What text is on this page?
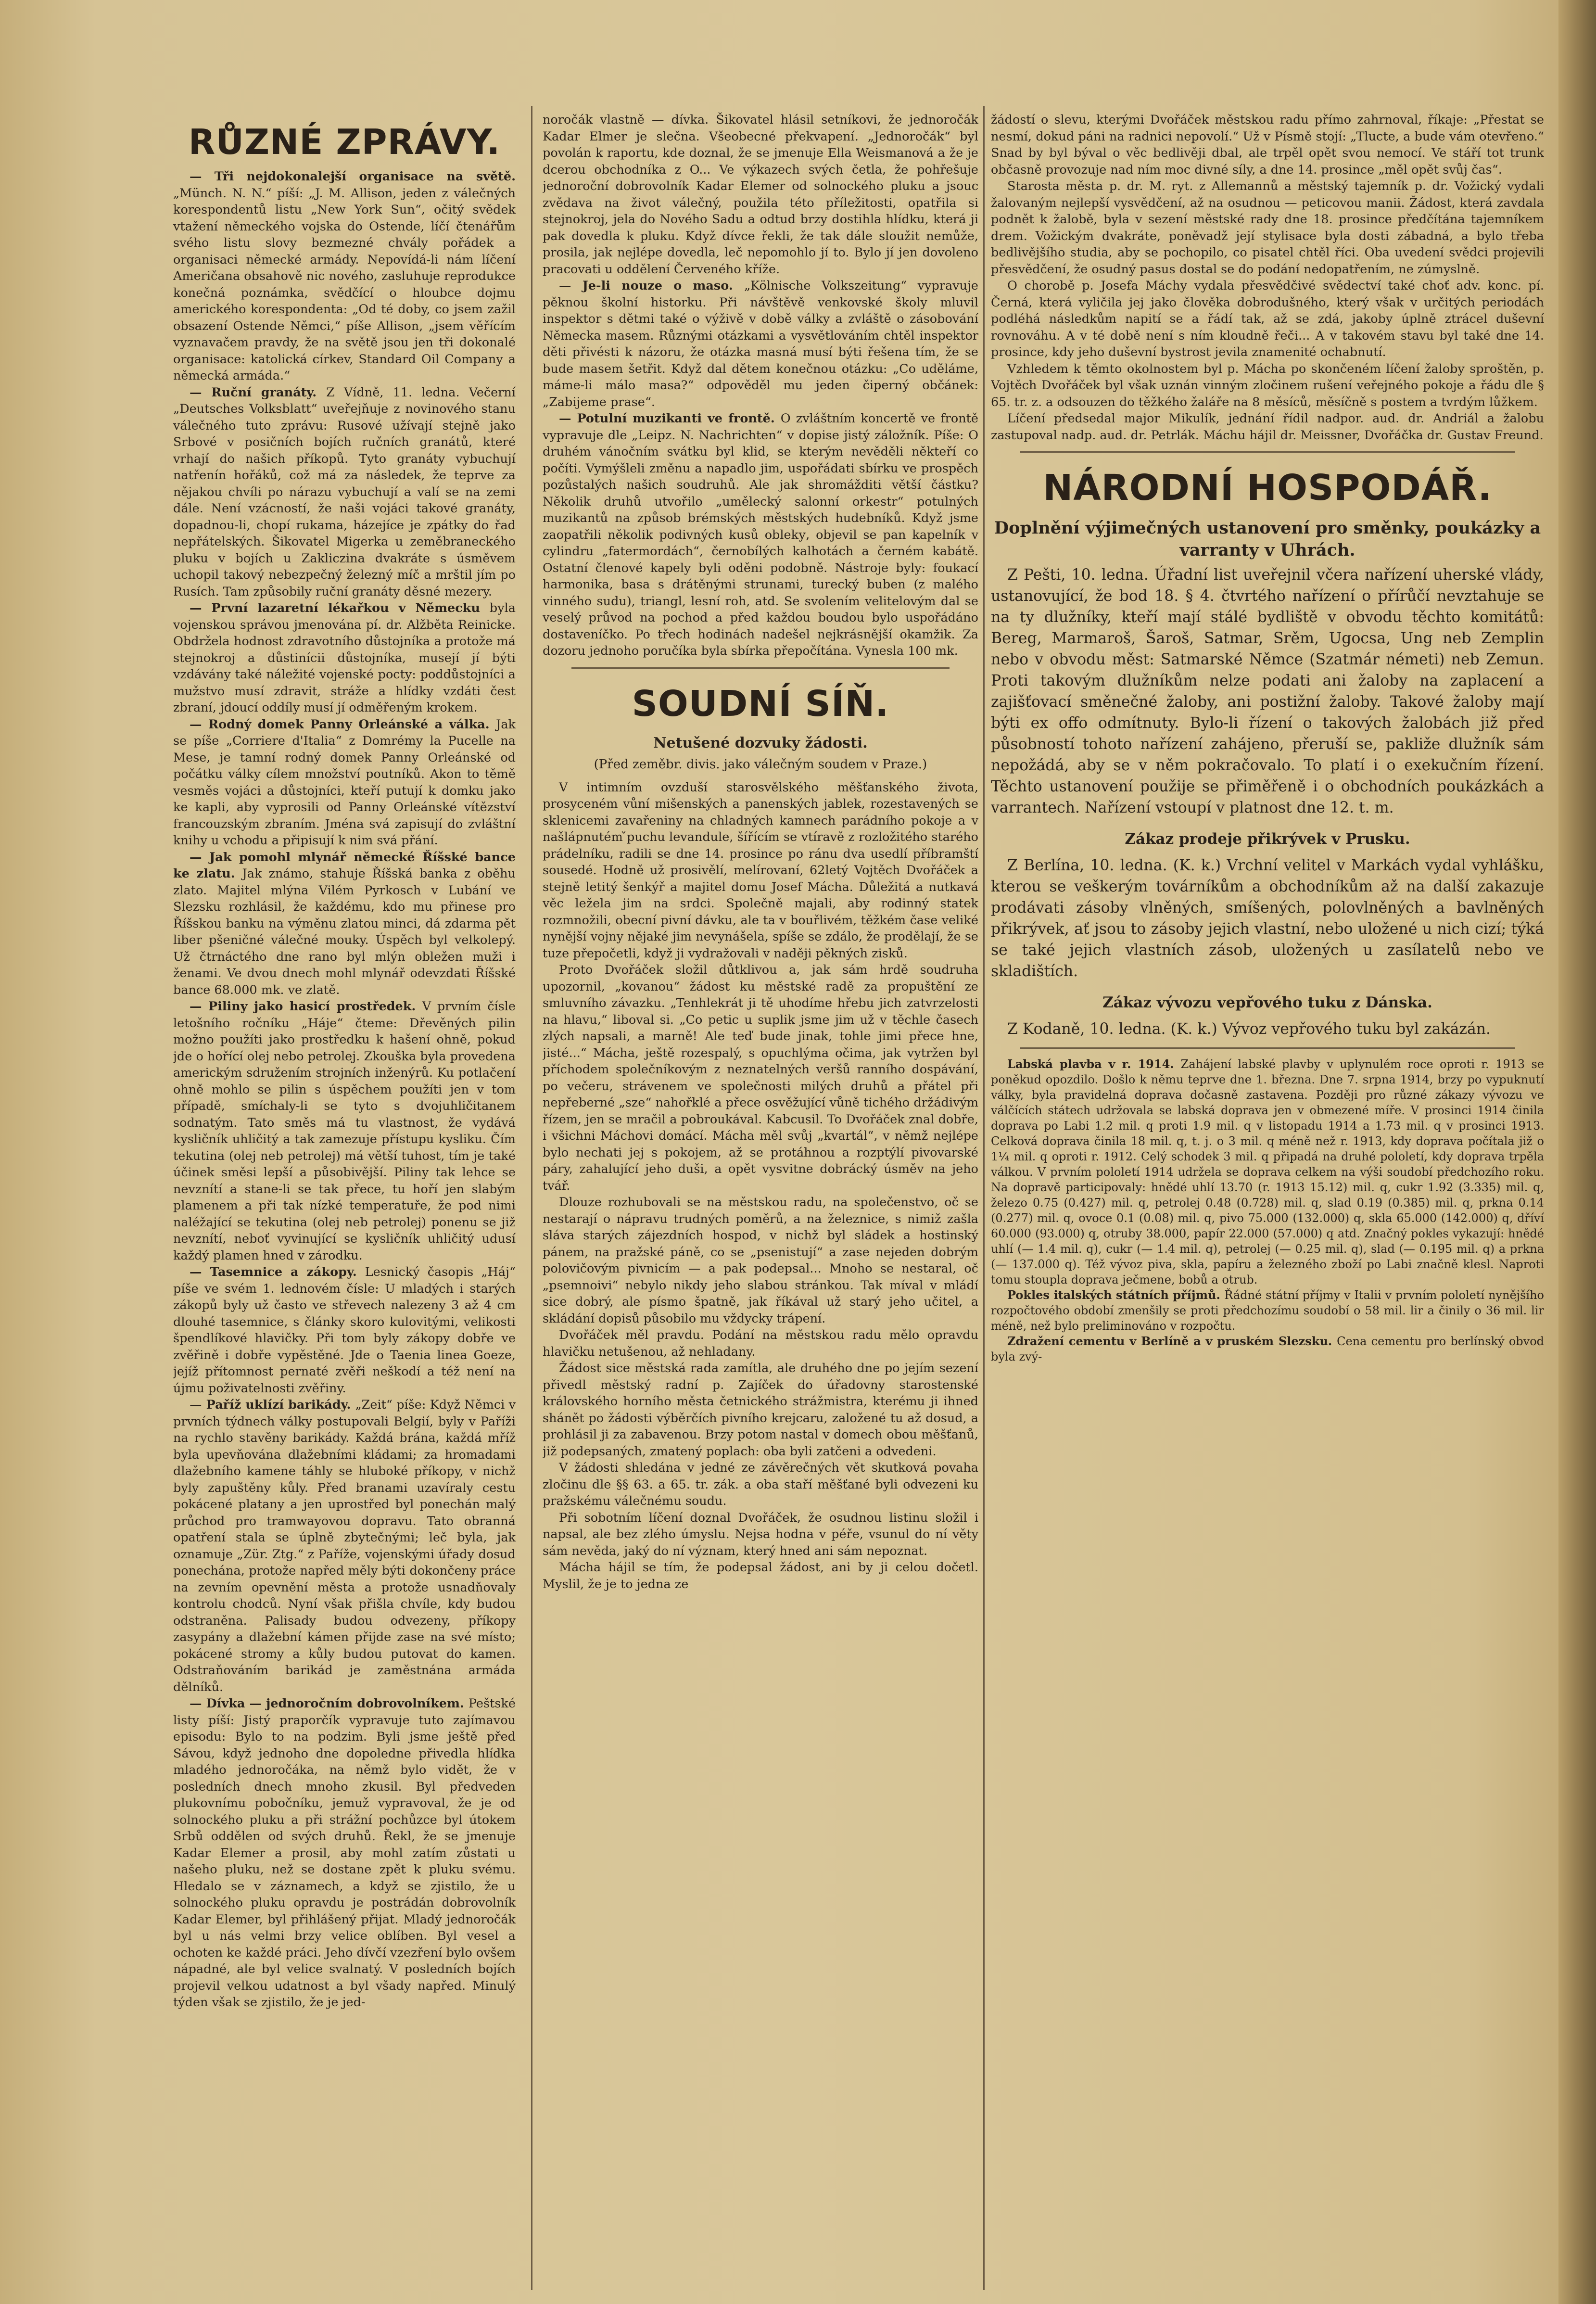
RŮZNÉ ZPRÁVY.

— Tři nejdokonalejší organisace na světě. „Münch. N. N.“ píší: „J. M. Allison, jeden z válečných korespondentů listu „New York Sun“, očitý svědek vtažení německého vojska do Ostende, líčí čtenářům svého listu slovy bezmezné chvály pořádek a organisaci německé armády. Nepovídá-li nám líčení Američana obsahově nic nového, zasluhuje reprodukce konečná poznámka, svědčící o hloubce dojmu amerického korespondenta: „Od té doby, co jsem zažil obsazení Ostende Němci,“ píše Allison, „jsem věřícím vyznavačem pravdy, že na světě jsou jen tři dokonalé organisace: katolická církev, Standard Oil Company a německá armáda.“

— Ruční granáty. Z Vídně, 11. ledna. Večerní „Deutsches Volksblatt“ uveřejňuje z novinového stanu válečného tuto zprávu: Rusové užívají stejně jako Srbové v posičních bojích ručních granátů, které vrhají do našich příkopů. Tyto granáty vybuchují natřenín hořáků, což má za následek, že teprve za nějakou chvíli po nárazu vybuchují a valí se na zemi dále. Není vzácností, že naši vojáci takové granáty, dopadnou-li, chopí rukama, házejíce je zpátky do řad nepřátelských. Šikovatel Migerka u zeměbraneckého pluku v bojích u Zakliczina dvakráte s úsměvem uchopil takový nebezpečný železný míč a mrštil jím po Rusích. Tam způsobily ruční granáty děsné mezery.

— První lazaretní lékařkou v Německu byla vojenskou správou jmenována pí. dr. Alžběta Reinicke. Obdržela hodnost zdravotního důstojníka a protože má stejnokroj a důstinícii důstojníka, musejí jí býti vzdávány také náležité vojenské pocty: poddůstojníci a mužstvo musí zdravit, stráže a hlídky vzdáti čest zbraní, jdoucí oddíly musí jí odměřeným krokem.

— Rodný domek Panny Orleánské a válka. Jak se píše „Corriere d'Italia“ z Domrémy la Pucelle na Mese, je tamní rodný domek Panny Orleánské od počátku války cílem množství poutníků. Akon to těmě vesměs vojáci a důstojníci, kteří putují k domku jako ke kapli, aby vyprosili od Panny Orleánské vítězství francouzským zbraním. Jména svá zapisují do zvláštní knihy u vchodu a připisují k nim svá přání.

— Jak pomohl mlynář německé Říšské bance ke zlatu. Jak známo, stahuje Říšská banka z oběhu zlato. Majitel mlýna Vilém Pyrkosch v Lubání ve Slezsku rozhlásil, že každému, kdo mu přinese pro Říšskou banku na výměnu zlatou minci, dá zdarma pět liber pšeničné válečné mouky. Úspěch byl velkolepý. Už čtrnáctého dne rano byl mlýn obležen muži i ženami. Ve dvou dnech mohl mlynář odevzdati Říšské bance 68.000 mk. ve zlatě.

— Piliny jako hasicí prostředek. V prvním čísle letošního ročníku „Háje“ čteme: Dřevěných pilin možno použíti jako prostředku k hašení ohně, pokud jde o hořící olej nebo petrolej. Zkouška byla provedena americkým sdružením strojních inženýrů. Ku potlačení ohně mohlo se pilin s úspěchem použíti jen v tom případě, smíchaly-li se tyto s dvojuhličitanem sodnatým. Tato směs má tu vlastnost, že vydává kysličník uhličitý a tak zamezuje přístupu kysliku. Čím tekutina (olej neb petrolej) má větší tuhost, tím je také účinek směsi lepší a působivější. Piliny tak lehce se nevznítí a stane-li se tak přece, tu hoří jen slabým plamenem a při tak nízké temperatuře, že pod nimi naléžající se tekutina (olej neb petrolej) ponenu se již nevznítí, neboť vyvinující se kysličník uhličitý udusí každý plamen hned v zárodku.

— Tasemnice a zákopy. Lesnický časopis „Háj“ píše ve svém 1. lednovém čísle: U mladých i starých zákopů byly už často ve střevech nalezeny 3 až 4 cm dlouhé tasemnice, s články skoro kulovitými, velikosti špendlíkové hlavičky. Při tom byly zákopy dobře ve zvěřině i dobře vypěstěné. Jde o Taenia linea Goeze, jejíž přítomnost pernaté zvěři neškodí a též není na újmu poživatelnosti zvěřiny.

— Paříž uklízí barikády. „Zeit“ píše: Když Němci v prvních týdnech války postupovali Belgií, byly v Paříži na rychlo stavěny barikády. Každá brána, každá mříž byla upevňována dlažebními kládami; za hromadami dlažebního kamene táhly se hluboké příkopy, v nichž byly zapuštěny kůly. Před branami uzavíraly cestu pokácené platany a jen uprostřed byl ponechán malý průchod pro tramwayovou dopravu. Tato obranná opatření stala se úplně zbytečnými; leč byla, jak oznamuje „Zür. Ztg.“ z Paříže, vojenskými úřady dosud ponechána, protože napřed měly býti dokončeny práce na zevním opevnění města a protože usnadňovaly kontrolu chodců. Nyní však přišla chvíle, kdy budou odstraněna. Palisady budou odvezeny, příkopy zasypány a dlažební kámen přijde zase na své místo; pokácené stromy a kůly budou putovat do kamen. Odstraňováním barikád je zaměstnána armáda dělníků.

— Dívka — jednoročním dobrovolníkem. Peštské listy píší: Jistý praporčík vypravuje tuto zajímavou episodu: Bylo to na podzim. Byli jsme ještě před Sávou, když jednoho dne dopoledne přivedla hlídka mladého jednoročáka, na němž bylo vidět, že v posledních dnech mnoho zkusil. Byl předveden plukovnímu pobočníku, jemuž vypravoval, že je od solnockého pluku a při strážní pochůzce byl útokem Srbů oddělen od svých druhů. Řekl, že se jmenuje Kadar Elemer a prosil, aby mohl zatím zůstati u našeho pluku, než se dostane zpět k pluku svému. Hledalo se v záznamech, a když se zjistilo, že u solnockého pluku opravdu je postrádán dobrovolník Kadar Elemer, byl přihlášený přijat. Mladý jednoročák byl u nás velmi brzy velice oblíben. Byl vesel a ochoten ke každé práci. Jeho dívčí vzezření bylo ovšem nápadné, ale byl velice svalnatý. V posledních bojích projevil velkou udatnost a byl všady napřed. Minulý týden však se zjistilo, že je jed-

noročák vlastně — dívka. Šikovatel hlásil setníkovi, že jednoročák Kadar Elmer je slečna. Všeobecné překvapení. „Jednoročák“ byl povolán k raportu, kde doznal, že se jmenuje Ella Weismanová a že je dcerou obchodníka z O... Ve výkazech svých četla, že pohřešuje jednoroční dobrovolník Kadar Elemer od solnockého pluku a jsouc zvědava na život válečný, použila této příležitosti, opatřila si stejnokroj, jela do Nového Sadu a odtud brzy dostihla hlídku, která ji pak dovedla k pluku. Když dívce řekli, že tak dále sloužit nemůže, prosila, jak nejlépe dovedla, leč nepomohlo jí to. Bylo jí jen dovoleno pracovati u oddělení Červeného kříže.

— Je-li nouze o maso. „Kölnische Volkszeitung“ vypravuje pěknou školní historku. Při návštěvě venkovské školy mluvil inspektor s dětmi také o výživě v době války a zvláště o zásobování Německa masem. Různými otázkami a vysvětlováním chtěl inspektor děti přivésti k názoru, že otázka masná musí býti řešena tím, že se bude masem šetřit. Když dal dětem konečnou otázku: „Co uděláme, máme-li málo masa?“ odpověděl mu jeden čiperný občánek: „Zabijeme prase“.

— Potulní muzikanti ve frontě. O zvláštním koncertě ve frontě vypravuje dle „Leipz. N. Nachrichten“ v dopise jistý záložník. Píše: O druhém vánočním svátku byl klid, se kterým nevěděli někteří co počíti. Vymýšleli změnu a napadlo jim, uspořádati sbírku ve prospěch pozůstalých našich soudruhů. Ale jak shromážditi větší částku? Několik druhů utvořilo „umělecký salonní orkestr“ potulných muzikantů na způsob brémských městských hudebníků. Když jsme zaopatřili několik podivných kusů oblekу, objevil se pan kapelník v cylindru „fatermordách“, černobílých kalhotách a černém kabátě. Ostatní členové kapely byli oděni podobně. Nástroje byly: foukací harmonika, basa s drátěnými strunami, turecký buben (z malého vinného sudu), triangl, lesní roh, atd. Se svolením velitelovým dal se veselý průvod na pochod a před každou boudou bylo uspořádáno dostaveníčko. Po třech hodinách nadešel nejkrásnější okamžik. Za dozoru jednoho poručíka byla sbírka přepočítána. Vynesla 100 mk.

SOUDNÍ SÍŇ.
Netušené dozvuky žádosti.
(Před zeměbr. divis. jako válečným soudem v Praze.)

V intimním ovzduší starosvělského měšťanského života, prosyceném vůní mišenských a panenských jablek, rozestavených se sklenicemi zavařeniny na chladných kamnech parádního pokoje a v našlápnutém ̌puchu levandule, šířícím se vtíravě z rozložitého starého prádelníku, radili se dne 14. prosince po ránu dva usedlí příbramští sousedé. Hodně už prosivělí, melírovaní, 62letý Vojtěch Dvořáček a stejně letitý šenkýř a majitel domu Josef Mácha. Důležitá a nutkavá věc ležela jim na srdci. Společně majali, aby rodinný statek rozmnožili, obecní pivní dávku, ale ta v bouřlivém, těžkém čase veliké nynější vojny nějaké jim nevynášela, spíše se zdálo, že prodělají, že se tuze přepočetli, když ji vydražovali v naději pěkných zisků.

Proto Dvořáček složil důtklivou a, jak sám hrdě soudruha upozornil, „kovanou“ žádost ku městské radě za propuštění ze smluvního závazku. „Tenhlekrát ji tě uhodíme hřebu jich zatvrzelosti na hlavu,“ liboval si. „Co petic u suplik jsme jim už v těchle časech zlých napsali, a marně! Ale teď bude jinak, tohle jimi přece hne, jisté...“ Mácha, ještě rozespalý, s opuchlýma očima, jak vytržen byl příchodem společníkovým z neznatelných veršů ranního dospávání, po večeru, strávenem ve společnosti milých druhů a přátel při nepřeberné „sze“ nahořklé a přece osvěžující vůně tichého držádivým řízem, jen se mračil a pobroukával. Kabcusil. To Dvořáček znal dobře, i všichni Máchovi domácí. Mácha měl svůj „kvartál“, v němž nejlépe bylo nechati jej s pokojem, až se protáhnou a rozptýlí pivovarské páry, zahalující jeho duši, a opět vysvitne dobrácký úsměv na jeho tvář.

Dlouze rozhubovali se na městskou radu, na společenstvo, oč se nestarají o nápravu trudných poměrů, a na železnice, s nimiž zašla sláva starých zájezdních hospod, v nichž byl sládek a hostinský pánem, na pražské páně, co se „psenistují“ a zase nejeden dobrým polovičovým pivnicím — a pak podepsal... Mnoho se nestaral, oč „psemnoivi“ nebylo nikdy jeho slabou stránkou. Tak míval v mládí sice dobrý, ale písmo špatně, jak říkával už starý jeho učitel, a skládání dopisů působilo mu vždycky trápení.

Dvořáček měl pravdu. Podání na městskou radu mělo opravdu hlavičku netušenou, až nehladany.

Žádost sice městská rada zamítla, ale druhého dne po jejím sezení přivedl městský radní p. Zajíček do úřadovny starostenské královského horního města četnického strážmistra, kterému ji ihned shánět po žádosti výběrčích pivního krejcaru, založené tu až dosud, a prohlásil ji za zabavenou. Brzy potom nastal v domech obou měšťanů, již podepsaných, zmatený poplach: oba byli zatčeni a odvedeni.

V žádosti shledána v jedné ze závěrečných vět skutková povaha zločinu dle §§ 63. a 65. tr. zák. a oba staří měšťané byli odvezeni ku pražskému válečnému soudu.

Při sobotním líčení doznal Dvořáček, že osudnou listinu složil i napsal, ale bez zlého úmyslu. Nejsa hodna v péře, vsunul do ní věty sám nevěda, jaký do ní význam, který hned ani sám nepoznat.

Mácha hájil se tím, že podepsal žádost, ani by ji celou dočetl. Myslil, že je to jedna ze

žádostí o slevu, kterými Dvořáček městskou radu přímo zahrnoval, říkaje: „Přestat se nesmí, dokud páni na radnici nepovolí.“ Už v Písmě stojí: „Tlucte, a bude vám otevřeno.“ Snad by byl býval o věc bedlivěji dbal, ale trpěl opět svou nemocí. Ve stáří tot trunk občasně provozuje nad ním moc divné síly, a dne 14. prosince „měl opět svůj čas“.

Starosta města p. dr. M. ryt. z Allemannů a městský tajemník p. dr. Vožický vydali žalovaným nejlepší vysvědčení, až na osudnou — peticovou manii. Žádost, která zavdala podnět k žalobě, byla v sezení městské rady dne 18. prosince předčítána tajemníkem drem. Vožickým dvakráte, poněvadž její stylisace byla dosti zábadná, a bylo třeba bedlivějšího studia, aby se pochopilo, co pisatel chtěl říci. Oba uvedení svědci projevili přesvědčení, že osudný pasus dostal se do podání nedopatřením, ne zúmyslně.

O chorobě p. Josefa Máchy vydala přesvědčivé svědectví také choť adv. konc. pí. Černá, která vyličila jej jako člověka dobrodušného, který však v určitých periodách podléhá následkům napití se a řádí tak, až se zdá, jakoby úplně ztrácel duševní rovnováhu. A v té době není s ním kloudně řeči... A v takovém stavu byl také dne 14. prosince, kdy jeho duševní bystrost jevila znamenité ochabnutí.

Vzhledem k těmto okolnostem byl p. Mácha po skončeném líčení žaloby sproštěn, p. Vojtěch Dvořáček byl však uznán vinným zločinem rušení veřejného pokoje a řádu dle § 65. tr. z. a odsouzen do těžkého žaláře na 8 měsíců, měsíčně s postem a tvrdým lůžkem.

Líčení předsedal major Mikulík, jednání řídil nadpor. aud. dr. Andriál a žalobu zastupoval nadp. aud. dr. Petrlák. Máchu hájil dr. Meissner, Dvořáčka dr. Gustav Freund.

NÁRODNÍ HOSPODÁŘ.
Doplnění výjimečných ustanovení pro směnky, poukázky a varranty v Uhrách.

Z Pešti, 10. ledna. Úřadní list uveřejnil včera nařízení uherské vlády, ustanovující, že bod 18. § 4. čtvrtého nařízení o přírůčí nevztahuje se na ty dlužníky, kteří mají stálé bydliště v obvodu těchto komitátů: Bereg, Marmaroš, Šaroš, Satmar, Srěm, Ugocsa, Ung neb Zemplin nebo v obvodu měst: Satmarské Němce (Szatmár németi) neb Zemun. Proti takovým dlužníkům nelze podati ani žaloby na zaplacení a zajišťovací směnečné žaloby, ani postižní žaloby. Takové žaloby mají býti ex offo odmítnuty. Bylo-li řízení o takových žalobách již před působností tohoto nařízení zahájeno, přeruší se, pakliže dlužník sám nepožádá, aby se v něm pokračovalo. To platí i o exekučním řízení. Těchto ustanovení použije se přiměřeně i o obchodních poukázkách a varrantech. Nařízení vstoupí v platnost dne 12. t. m.

Zákaz prodeje přikrývek v Prusku.

Z Berlína, 10. ledna. (K. k.) Vrchní velitel v Markách vydal vyhlášku, kterou se veškerým továrníkům a obchodníkům až na další zakazuje prodávati zásoby vlněných, smíšených, polovlněných a bavlněných přikrývek, ať jsou to zásoby jejich vlastní, nebo uložené u nich cizí; týká se také jejich vlastních zásob, uložených u zasílatelů nebo ve skladištích.

Zákaz vývozu vepřového tuku z Dánska.

Z Kodaně, 10. ledna. (K. k.) Vývoz vepřového tuku byl zakázán.

Labská plavba v r. 1914. Zahájení labské plavby v uplynulém roce oproti r. 1913 se poněkud opozdilo. Došlo k němu teprve dne 1. března. Dne 7. srpna 1914, brzy po vypuknutí války, byla pravidelná doprava dočasně zastavena. Později pro různé zákazy vývozu ve válčících státech udržovala se labská doprava jen v obmezené míře. V prosinci 1914 činila doprava po Labi 1.2 mil. q proti 1.9 mil. q v listopadu 1914 a 1.73 mil. q v prosinci 1913. Celková doprava činila 18 mil. q, t. j. o 3 mil. q méně než r. 1913, kdy doprava počítala již o 1¼ mil. q oproti r. 1912. Celý schodek 3 mil. q připadá na druhé pololetí, kdy doprava trpěla válkou. V prvním pololetí 1914 udržela se doprava celkem na výši soudobí předchozího roku. Na dopravě participovaly: hnědé uhlí 13.70 (r. 1913 15.12) mil. q, cukr 1.92 (3.335) mil. q, železo 0.75 (0.427) mil. q, petrolej 0.48 (0.728) mil. q, slad 0.19 (0.385) mil. q, prkna 0.14 (0.277) mil. q, ovoce 0.1 (0.08) mil. q, pivo 75.000 (132.000) q, skla 65.000 (142.000) q, dříví 60.000 (93.000) q, otruby 38.000, papír 22.000 (57.000) q atd. Značný pokles vykazují: hnědé uhlí (— 1.4 mil. q), cukr (— 1.4 mil. q), petrolej (— 0.25 mil. q), slad (— 0.195 mil. q) a prkna (— 137.000 q). Též vývoz piva, skla, papíru a železného zboží po Labi značně klesl. Naproti tomu stoupla doprava ječmene, bobů a otrub.

Pokles italských státních příjmů. Řádné státní příjmy v Italii v prvním pololetí nynějšího rozpočtového období zmenšily se proti předchozímu soudobí o 58 mil. lir a činily o 36 mil. lir méně, než bylo preliminováno v rozpočtu.

Zdražení cementu v Berlíně a v pruském Slezsku. Cena cementu pro berlínský obvod byla zvý-
